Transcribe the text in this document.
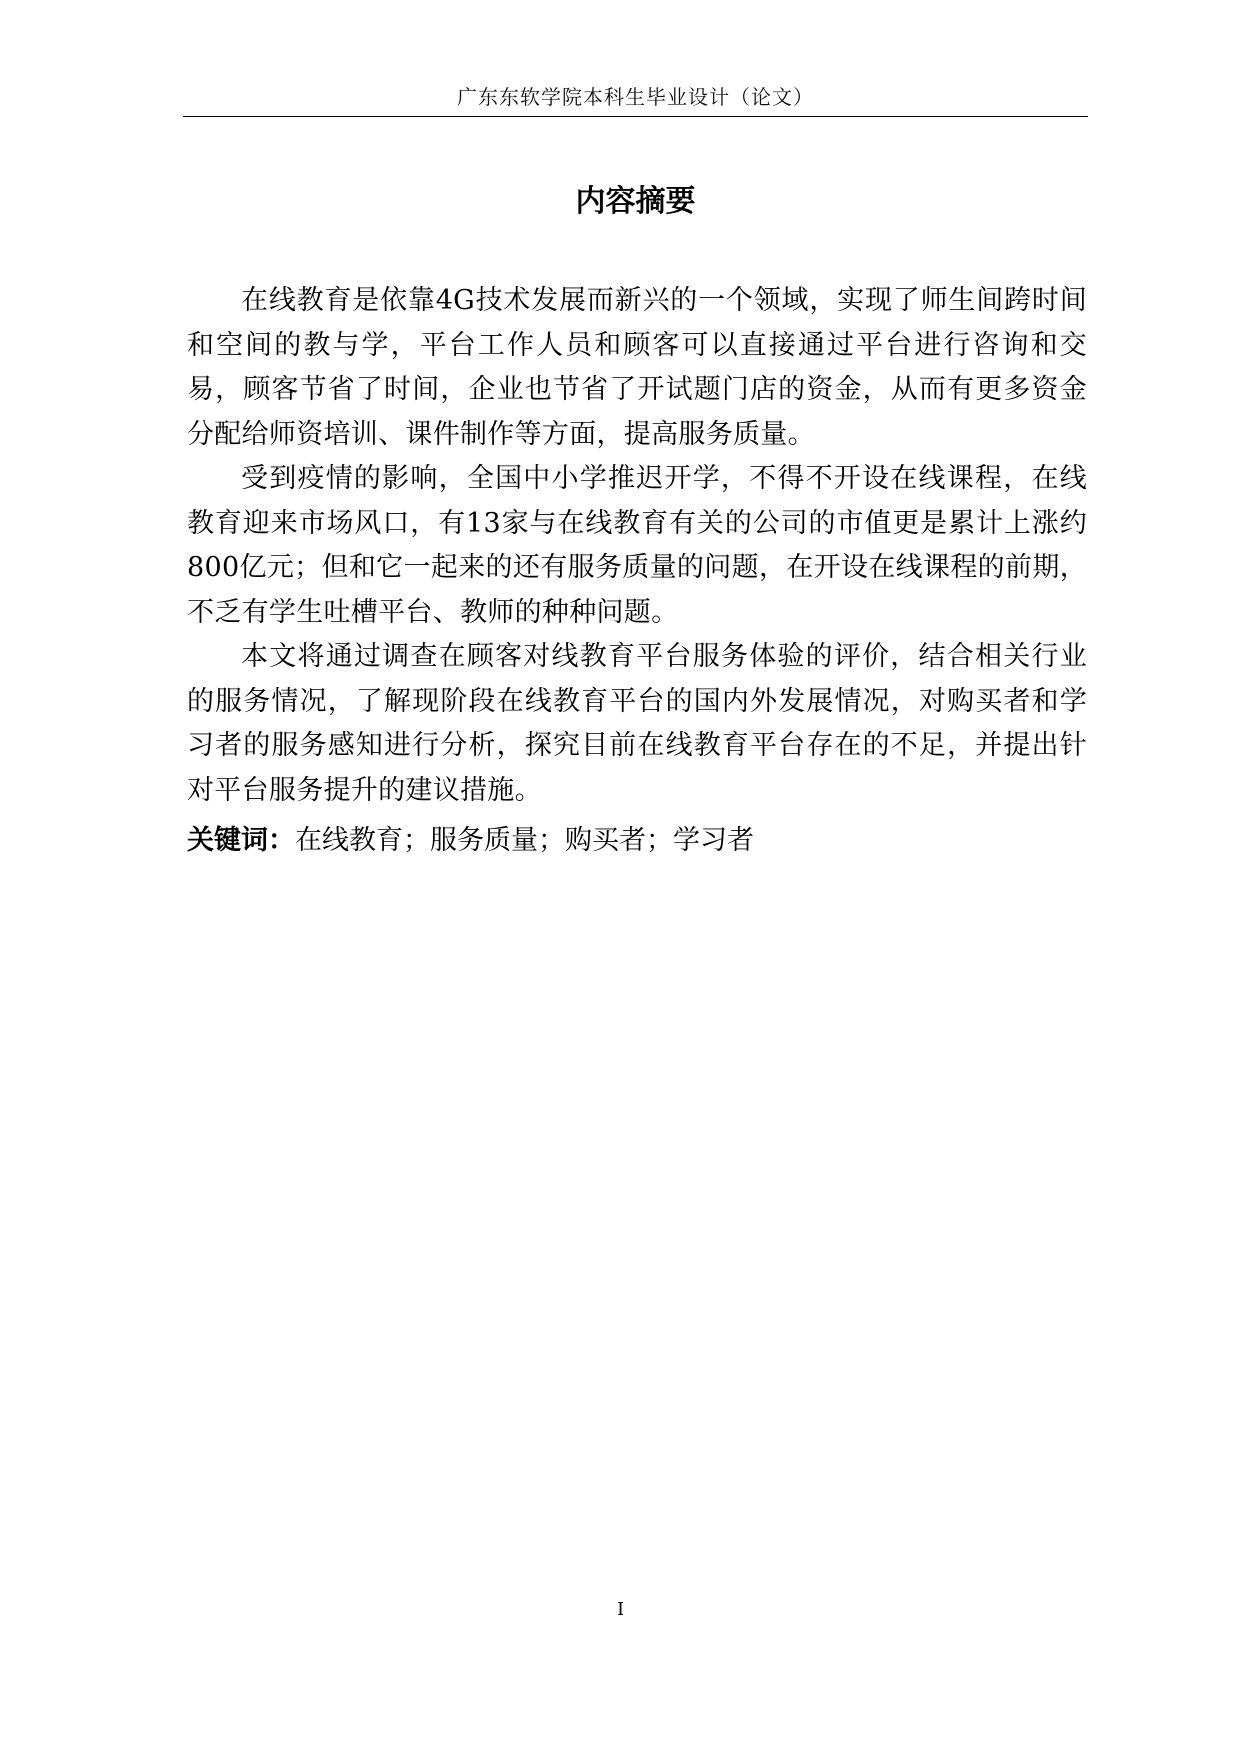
广东东软学院本科生毕业设计（论文）
内容摘要

在线教育是依靠4G技术发展而新兴的一个领域，实现了师生间跨时间和空间的教与学，平台工作人员和顾客可以直接通过平台进行咨询和交易，顾客节省了时间，企业也节省了开试题门店的资金，从而有更多资金分配给师资培训、课件制作等方面，提高服务质量。

受到疫情的影响，全国中小学推迟开学，不得不开设在线课程，在线教育迎来市场风口，有13家与在线教育有关的公司的市值更是累计上涨约800亿元；但和它一起来的还有服务质量的问题，在开设在线课程的前期，不乏有学生吐槽平台、教师的种种问题。

本文将通过调查在顾客对线教育平台服务体验的评价，结合相关行业的服务情况，了解现阶段在线教育平台的国内外发展情况，对购买者和学习者的服务感知进行分析，探究目前在线教育平台存在的不足，并提出针对平台服务提升的建议措施。

关键词：在线教育；服务质量；购买者；学习者

I
